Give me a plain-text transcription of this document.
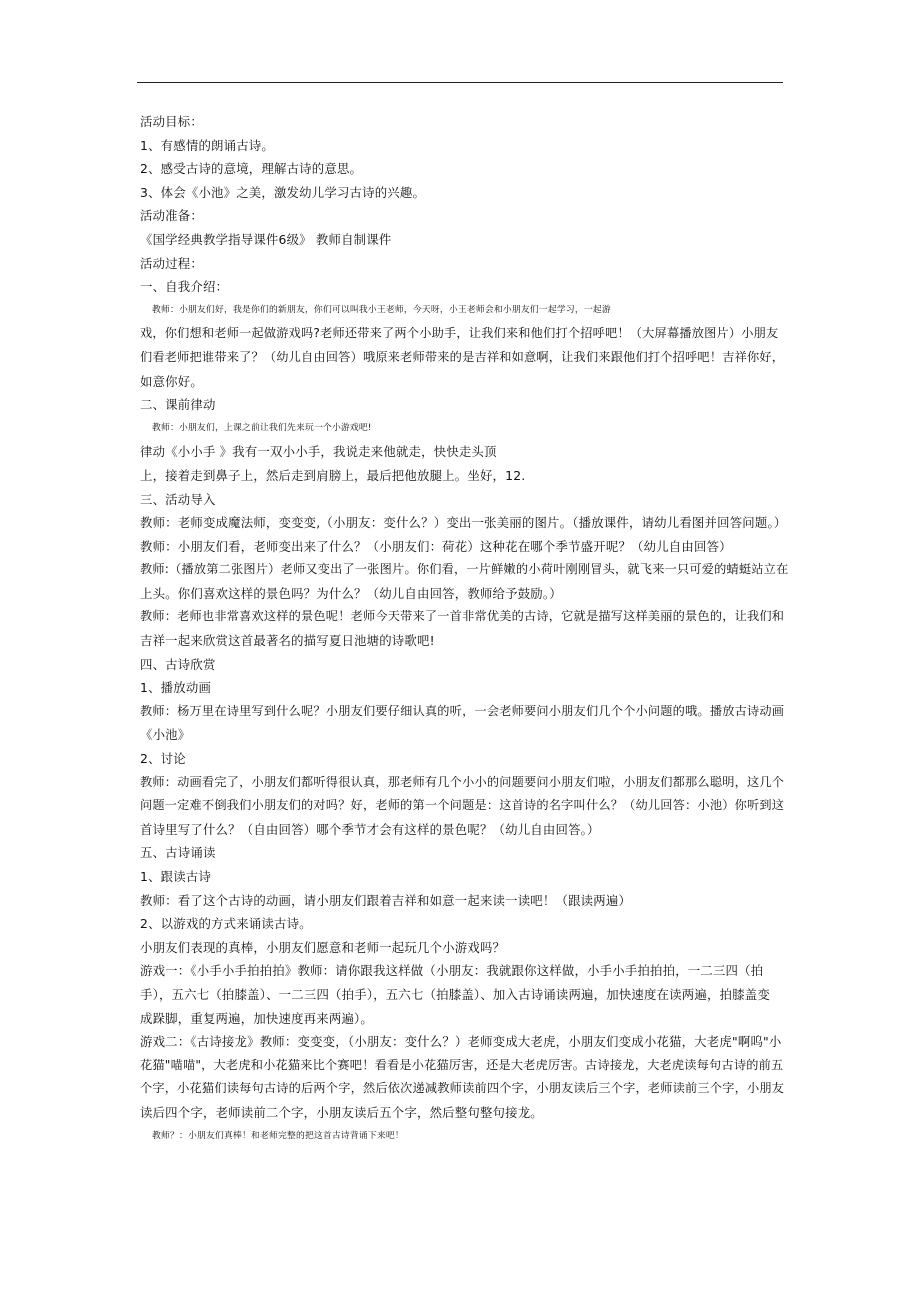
活动目标：
1、有感情的朗诵古诗。
2、感受古诗的意境，理解古诗的意思。
3、体会《小池》之美，激发幼儿学习古诗的兴趣。
活动准备：
《国学经典教学指导课件6级》 教师自制课件
活动过程：
一、自我介绍：
教师：小朋友们好，我是你们的新朋友，你们可以叫我小王老师，今天呀，小王老师会和小朋友们一起学习，一起游
戏，你们想和老师一起做游戏吗?老师还带来了两个小助手，让我们来和他们打个招呼吧！（大屏幕播放图片）小朋友
们看老师把谁带来了？（幼儿自由回答）哦原来老师带来的是吉祥和如意啊，让我们来跟他们打个招呼吧！吉祥你好，
如意你好。
二、课前律动
教师：小朋友们，上课之前让我们先来玩一个小游戏吧!
律动《小小手 》我有一双小小手，我说走来他就走，快快走头顶
上，接着走到鼻子上，然后走到肩膀上，最后把他放腿上。坐好，12.
三、活动导入
教师：老师变成魔法师，变变变,（小朋友：变什么？）变出一张美丽的图片。（播放课件，请幼儿看图并回答问题。）
教师：小朋友们看，老师变出来了什么？（小朋友们：荷花）这种花在哪个季节盛开呢？（幼儿自由回答）
教师:（播放第二张图片）老师又变出了一张图片。你们看，一片鲜嫩的小荷叶刚刚冒头，就飞来一只可爱的蜻蜓站立在
上头。你们喜欢这样的景色吗？为什么？（幼儿自由回答，教师给予鼓励。）
教师：老师也非常喜欢这样的景色呢！老师今天带来了一首非常优美的古诗，它就是描写这样美丽的景色的，让我们和
吉祥一起来欣赏这首最著名的描写夏日池塘的诗歌吧!
四、古诗欣赏
1、播放动画
教师：杨万里在诗里写到什么呢？小朋友们要仔细认真的听，一会老师要问小朋友们几个个小问题的哦。播放古诗动画
《小池》
2、讨论
教师：动画看完了，小朋友们都听得很认真，那老师有几个小小的问题要问小朋友们啦，小朋友们都那么聪明，这几个
问题一定难不倒我们小朋友们的对吗？好，老师的第一个问题是：这首诗的名字叫什么？（幼儿回答：小池）你听到这
首诗里写了什么？（自由回答）哪个季节才会有这样的景色呢？（幼儿自由回答。）
五、古诗诵读
1、跟读古诗
教师：看了这个古诗的动画，请小朋友们跟着吉祥和如意一起来读一读吧！（跟读两遍）
2、以游戏的方式来诵读古诗。
小朋友们表现的真棒，小朋友们愿意和老师一起玩几个小游戏吗？
游戏一：《小手小手拍拍拍》教师：请你跟我这样做（小朋友：我就跟你这样做，小手小手拍拍拍，一二三四（拍
手），五六七（拍膝盖）、一二三四（拍手），五六七（拍膝盖）、加入古诗诵读两遍，加快速度在读两遍，拍膝盖变
成跺脚，重复两遍，加快速度再来两遍）。
游戏二：《古诗接龙》教师：变变变，（小朋友：变什么？）老师变成大老虎，小朋友们变成小花猫，大老虎"啊呜"小
花猫"喵喵"，大老虎和小花猫来比个赛吧！看看是小花猫厉害，还是大老虎厉害。古诗接龙，大老虎读每句古诗的前五
个字，小花猫们读每句古诗的后两个字，然后依次递减教师读前四个字，小朋友读后三个字，老师读前三个字，小朋友
读后四个字，老师读前二个字，小朋友读后五个字，然后整句整句接龙。
教师？：小朋友们真棒！和老师完整的把这首古诗背诵下来吧！
